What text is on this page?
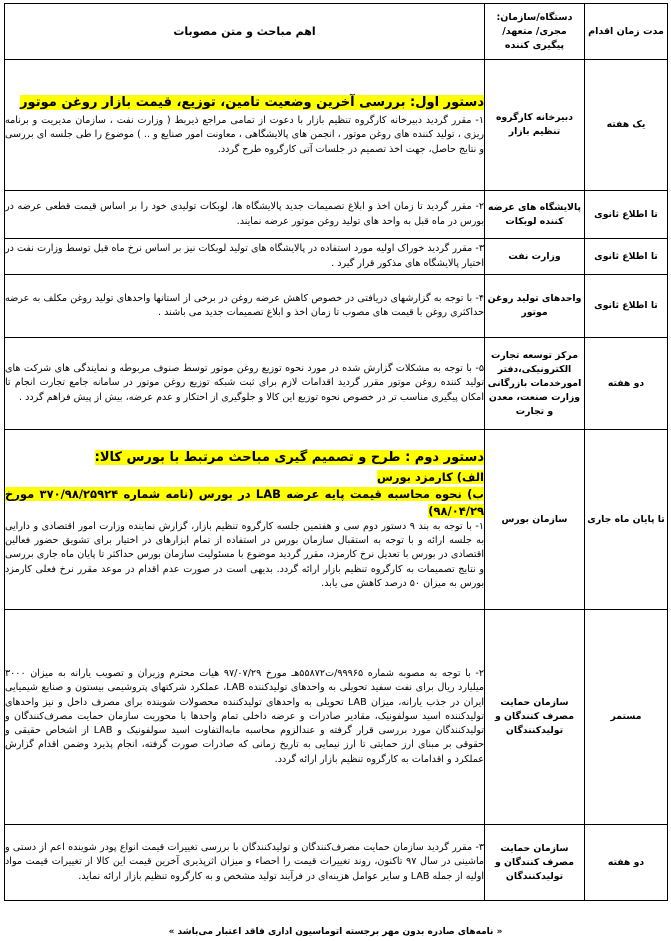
مدت زمان اقدام	دستگاه/سازمان: مجری/ متعهد/ پیگیری کننده	اهم مباحث و متن مصوبات
یک هفته	دبیرخانه کارگروه تنظیم بازار	دستور اول: بررسی آخرین وضعیت تامین، توزیع، قیمت بازار روغن موتور

۱- مقرر گردید دبیرخانه کارگروه تنظیم بازار با دعوت از تمامی مراجع ذیربط ( وزارت نفت ، سازمان مدیریت و برنامه ریزی ، تولید کننده های روغن موتور ، انجمن های پالایشگاهی ، معاونت امور صنایع و .. ) موضوع را طی جلسه ای بررسی و نتایج حاصل، جهت اخذ تصمیم در جلسات آتی کارگروه طرح گردد.

تا اطلاع ثانوی	پالایشگاه های عرضه کننده لوبکات	۲- مقرر گردید تا زمان اخذ و ابلاغ تصمیمات جدید پالایشگاه ها، لوبکات تولیدی خود را بر اساس قیمت قطعی عرضه در بورس در ماه قبل به واحد های تولید روغن موتور عرضه نمایند.

تا اطلاع ثانوی	وزارت نفت	۳- مقرر گردید خوراک اولیه مورد استفاده در پالایشگاه های تولید لوبکات نیز بر اساس نرخ ماه قبل توسط وزارت نفت در اختیار پالایشگاه های مذکور قرار گیرد .

تا اطلاع ثانوی	واحدهای تولید روغن موتور	۴- با توجه به گزارشهای دریافتی در خصوص کاهش عرضه روغن در برخی از استانها واحدهای تولید روغن مکلف به عرضه حداکثری روغن با قیمت های مصوب تا زمان اخذ و ابلاغ تصمیمات جدید می باشند .

دو هفته	مرکز توسعه تجارت الکترونیکی،دفتر امورخدمات بازرگانی وزارت صنعت، معدن و تجارت	۵- با توجه به مشکلات گزارش شده در مورد نحوه توزیع روغن موتور توسط صنوف مربوطه و نمایندگی های شرکت های تولید کننده روغن موتور مقرر گردید اقدامات لازم برای ثبت شبکه توزیع روغن موتور در سامانه جامع تجارت انجام تا امکان پیگیری مناسب تر در خصوص نحوه توزیع این کالا و جلوگیری از احتکار و عدم عرضه، بیش از پیش فراهم گردد .

تا پایان ماه جاری	سازمان بورس	دستور دوم : طرح و تصمیم گیری مباحث مرتبط با بورس کالا:

الف) کارمزد بورس

ب) نحوه محاسبه قیمت پایه عرضه LAB در بورس (نامه شماره ۳۷۰/۹۸/۲۵۹۲۴ مورخ ۹۸/۰۴/۲۹)

۱- با توجه به بند ۹ دستور دوم سی و هفتمین جلسه کارگروه تنظیم بازار، گزارش نماینده وزارت امور اقتصادی و دارایی به جلسه ارائه و با توجه به استقبال سازمان بورس در استفاده از تمام ابزارهای در اختیار برای تشویق حضور فعالین اقتصادی در بورس با تعدیل نرخ کارمزد، مقرر گردید موضوع با مسئولیت سازمان بورس حداکثر تا پایان ماه جاری بررسی و نتایج تصمیمات به کارگروه تنظیم بازار ارائه گردد. بدیهی است در صورت عدم اقدام در موعد مقرر نرخ فعلی کارمزد بورس به میزان ۵۰ درصد کاهش می یابد.

مستمر	سازمان حمایت مصرف کنندگان و تولیدکنندگان	۲- با توجه به مصوبه شماره ۹۹۹۶۵/ت۵۵۸۷۲هـ مورخ ۹۷/۰۷/۲۹ هیات محترم وزیران و تصویب یارانه به میزان ۳۰۰۰ میلیارد ریال برای نفت سفید تحویلی به واحدهای تولیدکننده LAB، عملکرد شرکتهای پتروشیمی بیستون و صنایع شیمیایی ایران در جذب یارانه، میزان LAB تحویلی به واحدهای تولیدکننده محصولات شوینده برای مصرف داخل و نیز واحدهای تولیدکننده اسید سولفونیک، مقادیر صادرات و عرضه داخلی تمام واحدها با محوریت سازمان حمایت مصرف‌کنندگان و تولیدکنندگان مورد بررسی قرار گرفته و عندالزوم محاسبه مابه‌التفاوت اسید سولفونیک و LAB از اشخاص حقیقی و حقوقی بر مبنای ارز حمایتی تا ارز نیمایی به تاریخ زمانی که صادرات صورت گرفته، انجام پذیرد وضمن اقدام گزارش عملکرد و اقدامات به کارگروه تنظیم بازار ارائه گردد.

دو هفته	سازمان حمایت مصرف کنندگان و تولیدکنندگان	۳- مقرر گردید سازمان حمایت مصرف‌کنندگان و تولیدکنندگان با بررسی تغییرات قیمت انواع پودر شوینده اعم از دستی و ماشینی در سال ۹۷ تاکنون، روند تغییرات قیمت را احصاء و میزان اثرپذیری آخرین قیمت این کالا از تغییرات قیمت مواد اولیه از جمله LAB و سایر عوامل هزینه‌ای در فرآیند تولید مشخص و به کارگروه تنظیم بازار ارائه نماید.

« نامه‌های صادره بدون مهر برجسته اتوماسیون اداری فاقد اعتبار می‌باشد »
